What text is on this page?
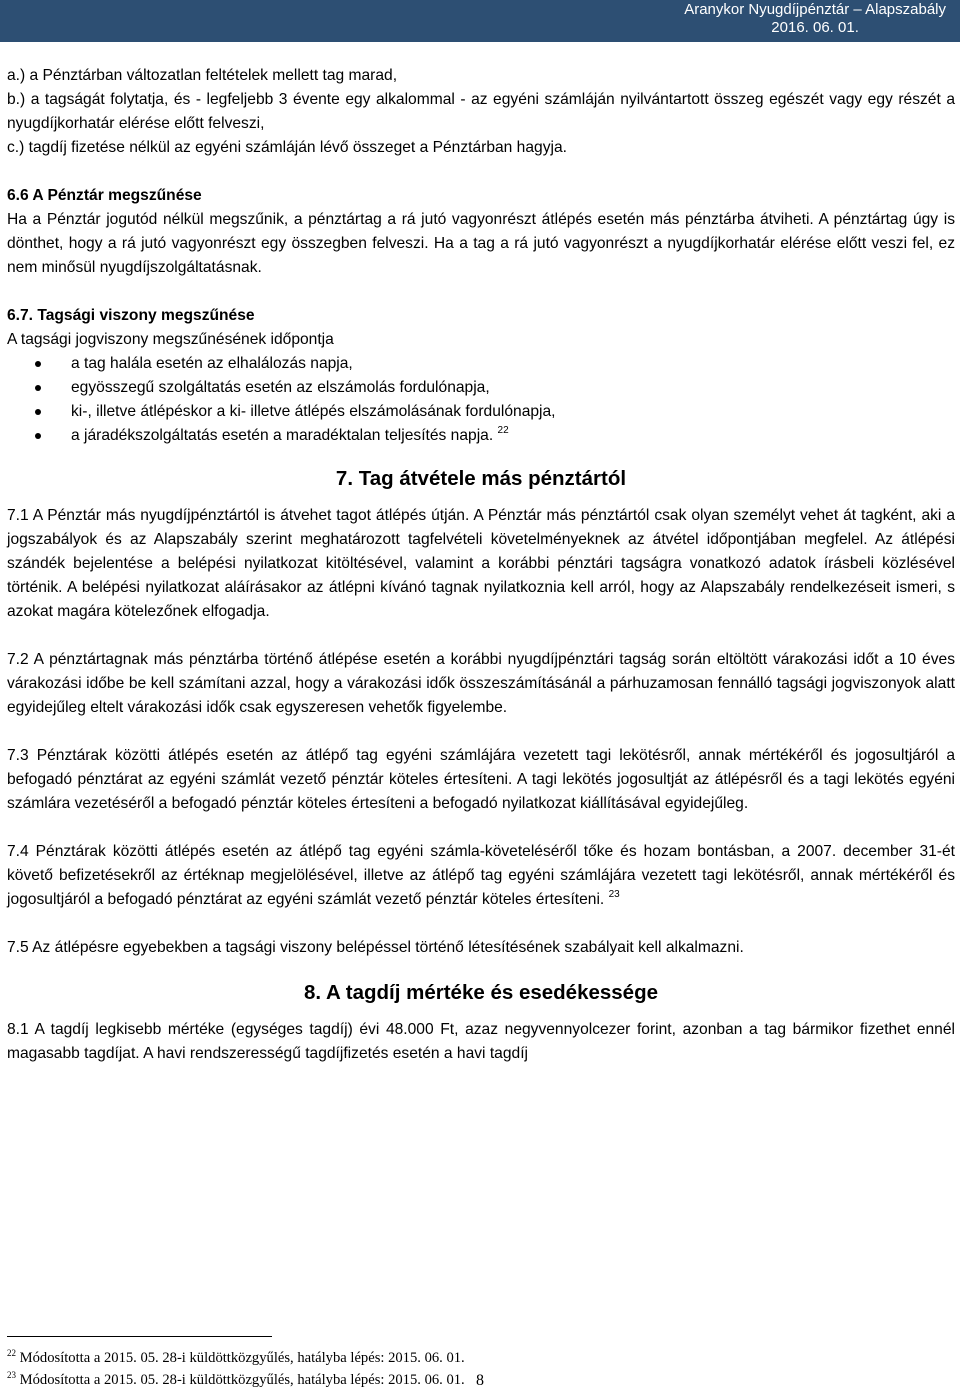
Aranykor Nyugdíjpénztár – Alapszabály
2016. 06. 01.

a.) a Pénztárban változatlan feltételek mellett tag marad,

b.) a tagságát folytatja, és - legfeljebb 3 évente egy alkalommal - az egyéni számláján nyilvántartott összeg egészét vagy egy részét a nyugdíjkorhatár elérése előtt felveszi,

c.) tagdíj fizetése nélkül az egyéni számláján lévő összeget a Pénztárban hagyja.

6.6 A Pénztár megszűnése

Ha a Pénztár jogutód nélkül megszűnik, a pénztártag a rá jutó vagyonrészt átlépés esetén más pénztárba átviheti. A pénztártag úgy is dönthet, hogy a rá jutó vagyonrészt egy összegben felveszi. Ha a tag a rá jutó vagyonrészt a nyugdíjkorhatár elérése előtt veszi fel, ez nem minősül nyugdíjszolgáltatásnak.

6.7. Tagsági viszony megszűnése

A tagsági jogviszony megszűnésének időpontja

a tag halála esetén az elhalálozás napja,
egyösszegű szolgáltatás esetén az elszámolás fordulónapja,
ki-, illetve átlépéskor a ki- illetve átlépés elszámolásának fordulónapja,
a járadékszolgáltatás esetén a maradéktalan teljesítés napja. $^{22}$
7. Tag átvétele más pénztártól

7.1 A Pénztár más nyugdíjpénztártól is átvehet tagot átlépés útján. A Pénztár más pénztártól csak olyan személyt vehet át tagként, aki a jogszabályok és az Alapszabály szerint meghatározott tagfelvételi követelményeknek az átvétel időpontjában megfelel. Az átlépési szándék bejelentése a belépési nyilatkozat kitöltésével, valamint a korábbi pénztári tagságra vonatkozó adatok írásbeli közlésével történik. A belépési nyilatkozat aláírásakor az átlépni kívánó tagnak nyilatkoznia kell arról, hogy az Alapszabály rendelkezéseit ismeri, s azokat magára kötelezőnek elfogadja.

7.2 A pénztártagnak más pénztárba történő átlépése esetén a korábbi nyugdíjpénztári tagság során eltöltött várakozási időt a 10 éves várakozási időbe be kell számítani azzal, hogy a várakozási idők összeszámításánál a párhuzamosan fennálló tagsági jogviszonyok alatt egyidejűleg eltelt várakozási idők csak egyszeresen vehetők figyelembe.

7.3 Pénztárak közötti átlépés esetén az átlépő tag egyéni számlájára vezetett tagi lekötésről, annak mértékéről és jogosultjáról a befogadó pénztárat az egyéni számlát vezető pénztár köteles értesíteni. A tagi lekötés jogosultját az átlépésről és a tagi lekötés egyéni számlára vezetéséről a befogadó pénztár köteles értesíteni a befogadó nyilatkozat kiállításával egyidejűleg.

7.4 Pénztárak közötti átlépés esetén az átlépő tag egyéni számla-követeléséről tőke és hozam bontásban, a 2007. december 31-ét követő befizetésekről az értéknap megjelölésével, illetve az átlépő tag egyéni számlájára vezetett tagi lekötésről, annak mértékéről és jogosultjáról a befogadó pénztárat az egyéni számlát vezető pénztár köteles értesíteni. $^{23}$

7.5 Az átlépésre egyebekben a tagsági viszony belépéssel történő létesítésének szabályait kell alkalmazni.

8. A tagdíj mértéke és esedékessége

8.1 A tagdíj legkisebb mértéke (egységes tagdíj) évi 48.000 Ft, azaz negyvennyolcezer forint, azonban a tag bármikor fizethet ennél magasabb tagdíjat. A havi rendszerességű tagdíjfizetés esetén a havi tagdíj

$^{22}$ Módosította a 2015. 05. 28-i küldöttközgyűlés, hatályba lépés: 2015. 06. 01.
$^{23}$ Módosította a 2015. 05. 28-i küldöttközgyűlés, hatályba lépés: 2015. 06. 01. 8
